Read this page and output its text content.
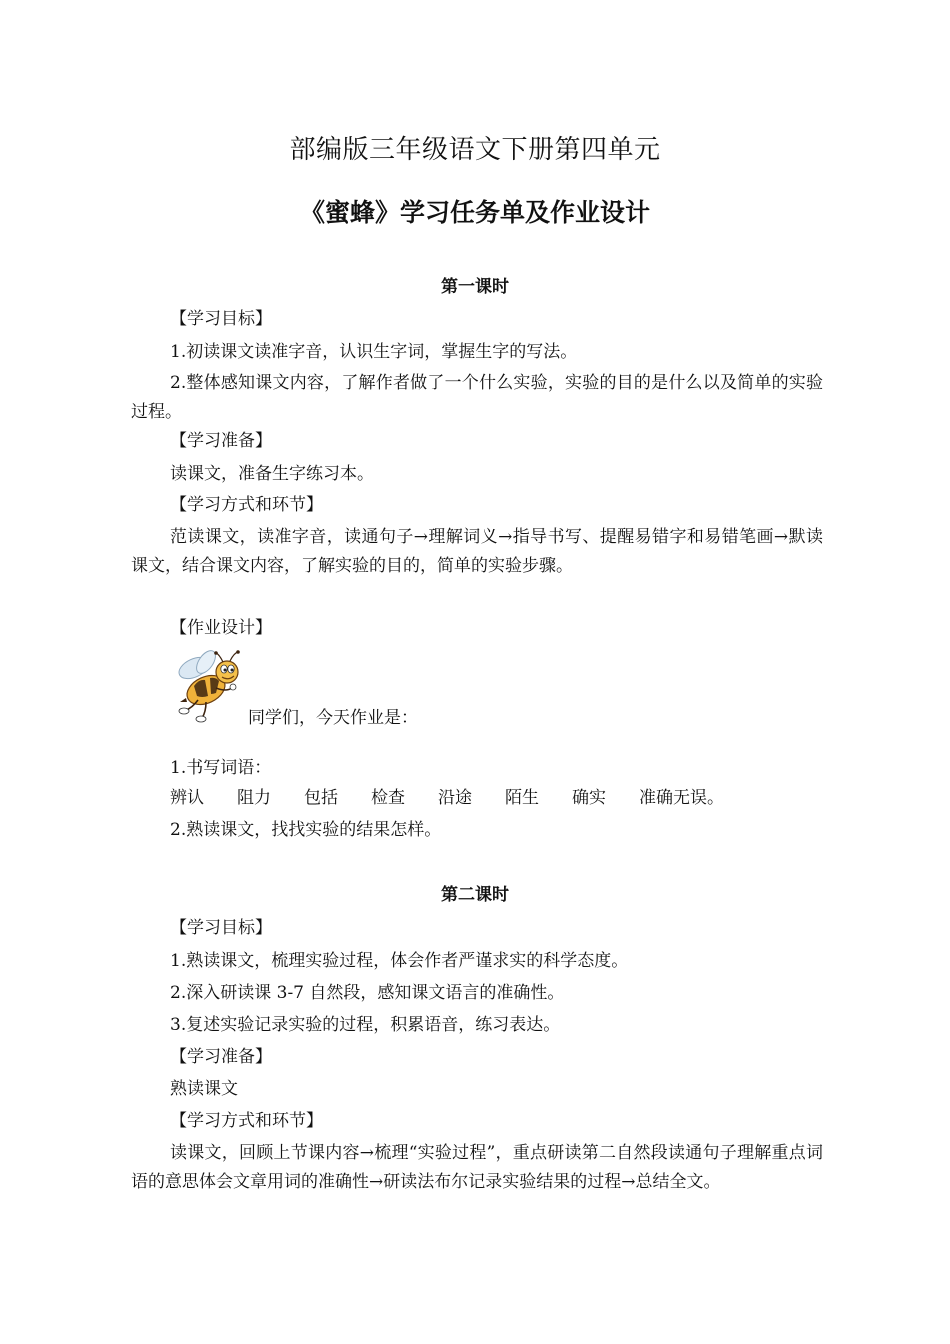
部编版三年级语文下册第四单元
《蜜蜂》学习任务单及作业设计
第一课时
【学习目标】
1.初读课文读准字音，认识生字词，掌握生字的写法。
2.整体感知课文内容，了解作者做了一个什么实验，实验的目的是什么以及简单的实验过程。
【学习准备】
读课文，准备生字练习本。
【学习方式和环节】
范读课文，读准字音，读通句子→理解词义→指导书写、提醒易错字和易错笔画→默读课文，结合课文内容，了解实验的目的，简单的实验步骤。
【作业设计】
同学们，今天作业是：
1.书写词语：
辨认 阻力 包括 检查 沿途 陌生 确实 准确无误。
2.熟读课文，找找实验的结果怎样。
第二课时
【学习目标】
1.熟读课文，梳理实验过程，体会作者严谨求实的科学态度。
2.深入研读课 3-7 自然段，感知课文语言的准确性。
3.复述实验记录实验的过程，积累语音，练习表达。
【学习准备】
熟读课文
【学习方式和环节】
读课文，回顾上节课内容→梳理“实验过程”，重点研读第二自然段读通句子理解重点词语的意思体会文章用词的准确性→研读法布尔记录实验结果的过程→总结全文。
